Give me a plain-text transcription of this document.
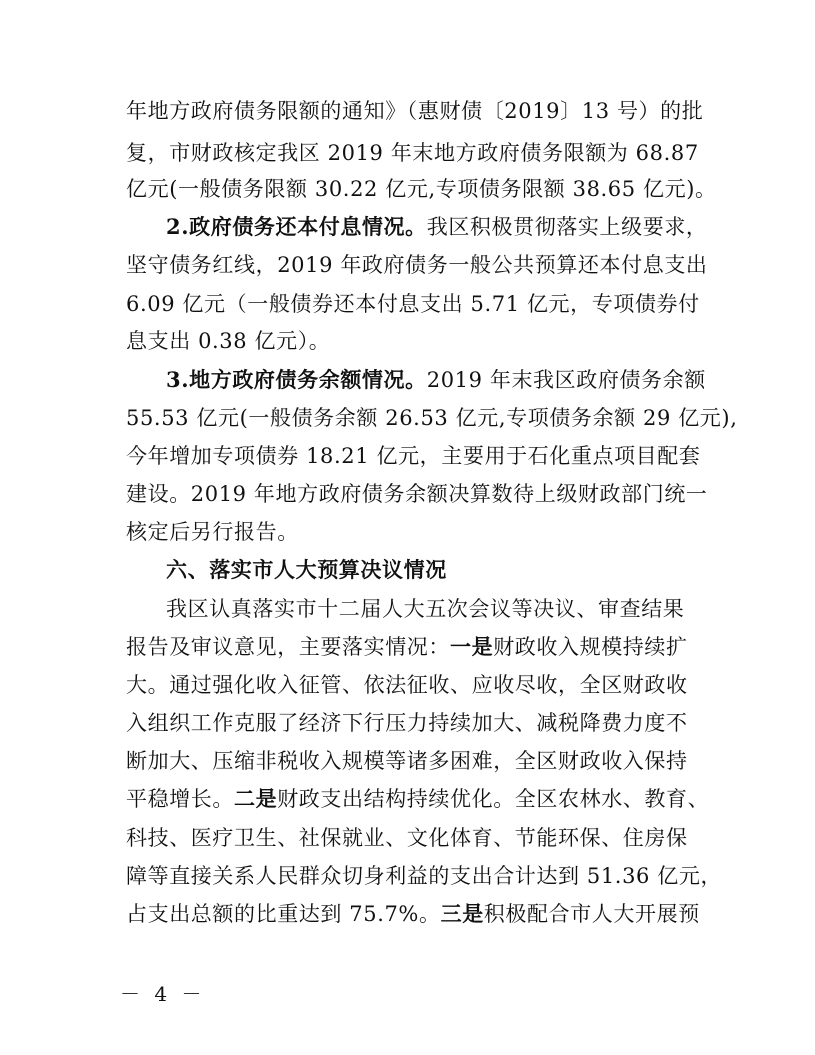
年地方政府债务限额的通知》（惠财债〔2019〕13 号）的批
复，市财政核定我区 2019 年末地方政府债务限额为 68.87
亿元(一般债务限额 30.22 亿元,专项债务限额 38.65 亿元)。
2.政府债务还本付息情况。我区积极贯彻落实上级要求，
坚守债务红线，2019 年政府债务一般公共预算还本付息支出
6.09 亿元（一般债券还本付息支出 5.71 亿元，专项债券付
息支出 0.38 亿元）。
3.地方政府债务余额情况。2019 年末我区政府债务余额
55.53 亿元(一般债务余额 26.53 亿元,专项债务余额 29 亿元),
今年增加专项债券 18.21 亿元，主要用于石化重点项目配套
建设。2019 年地方政府债务余额决算数待上级财政部门统一
核定后另行报告。
六、落实市人大预算决议情况
我区认真落实市十二届人大五次会议等决议、审查结果
报告及审议意见，主要落实情况：一是财政收入规模持续扩
大。通过强化收入征管、依法征收、应收尽收，全区财政收
入组织工作克服了经济下行压力持续加大、减税降费力度不
断加大、压缩非税收入规模等诸多困难，全区财政收入保持
平稳增长。二是财政支出结构持续优化。全区农林水、教育、
科技、医疗卫生、社保就业、文化体育、节能环保、住房保
障等直接关系人民群众切身利益的支出合计达到 51.36 亿元，
占支出总额的比重达到 75.7%。三是积极配合市人大开展预
－ 4 －
